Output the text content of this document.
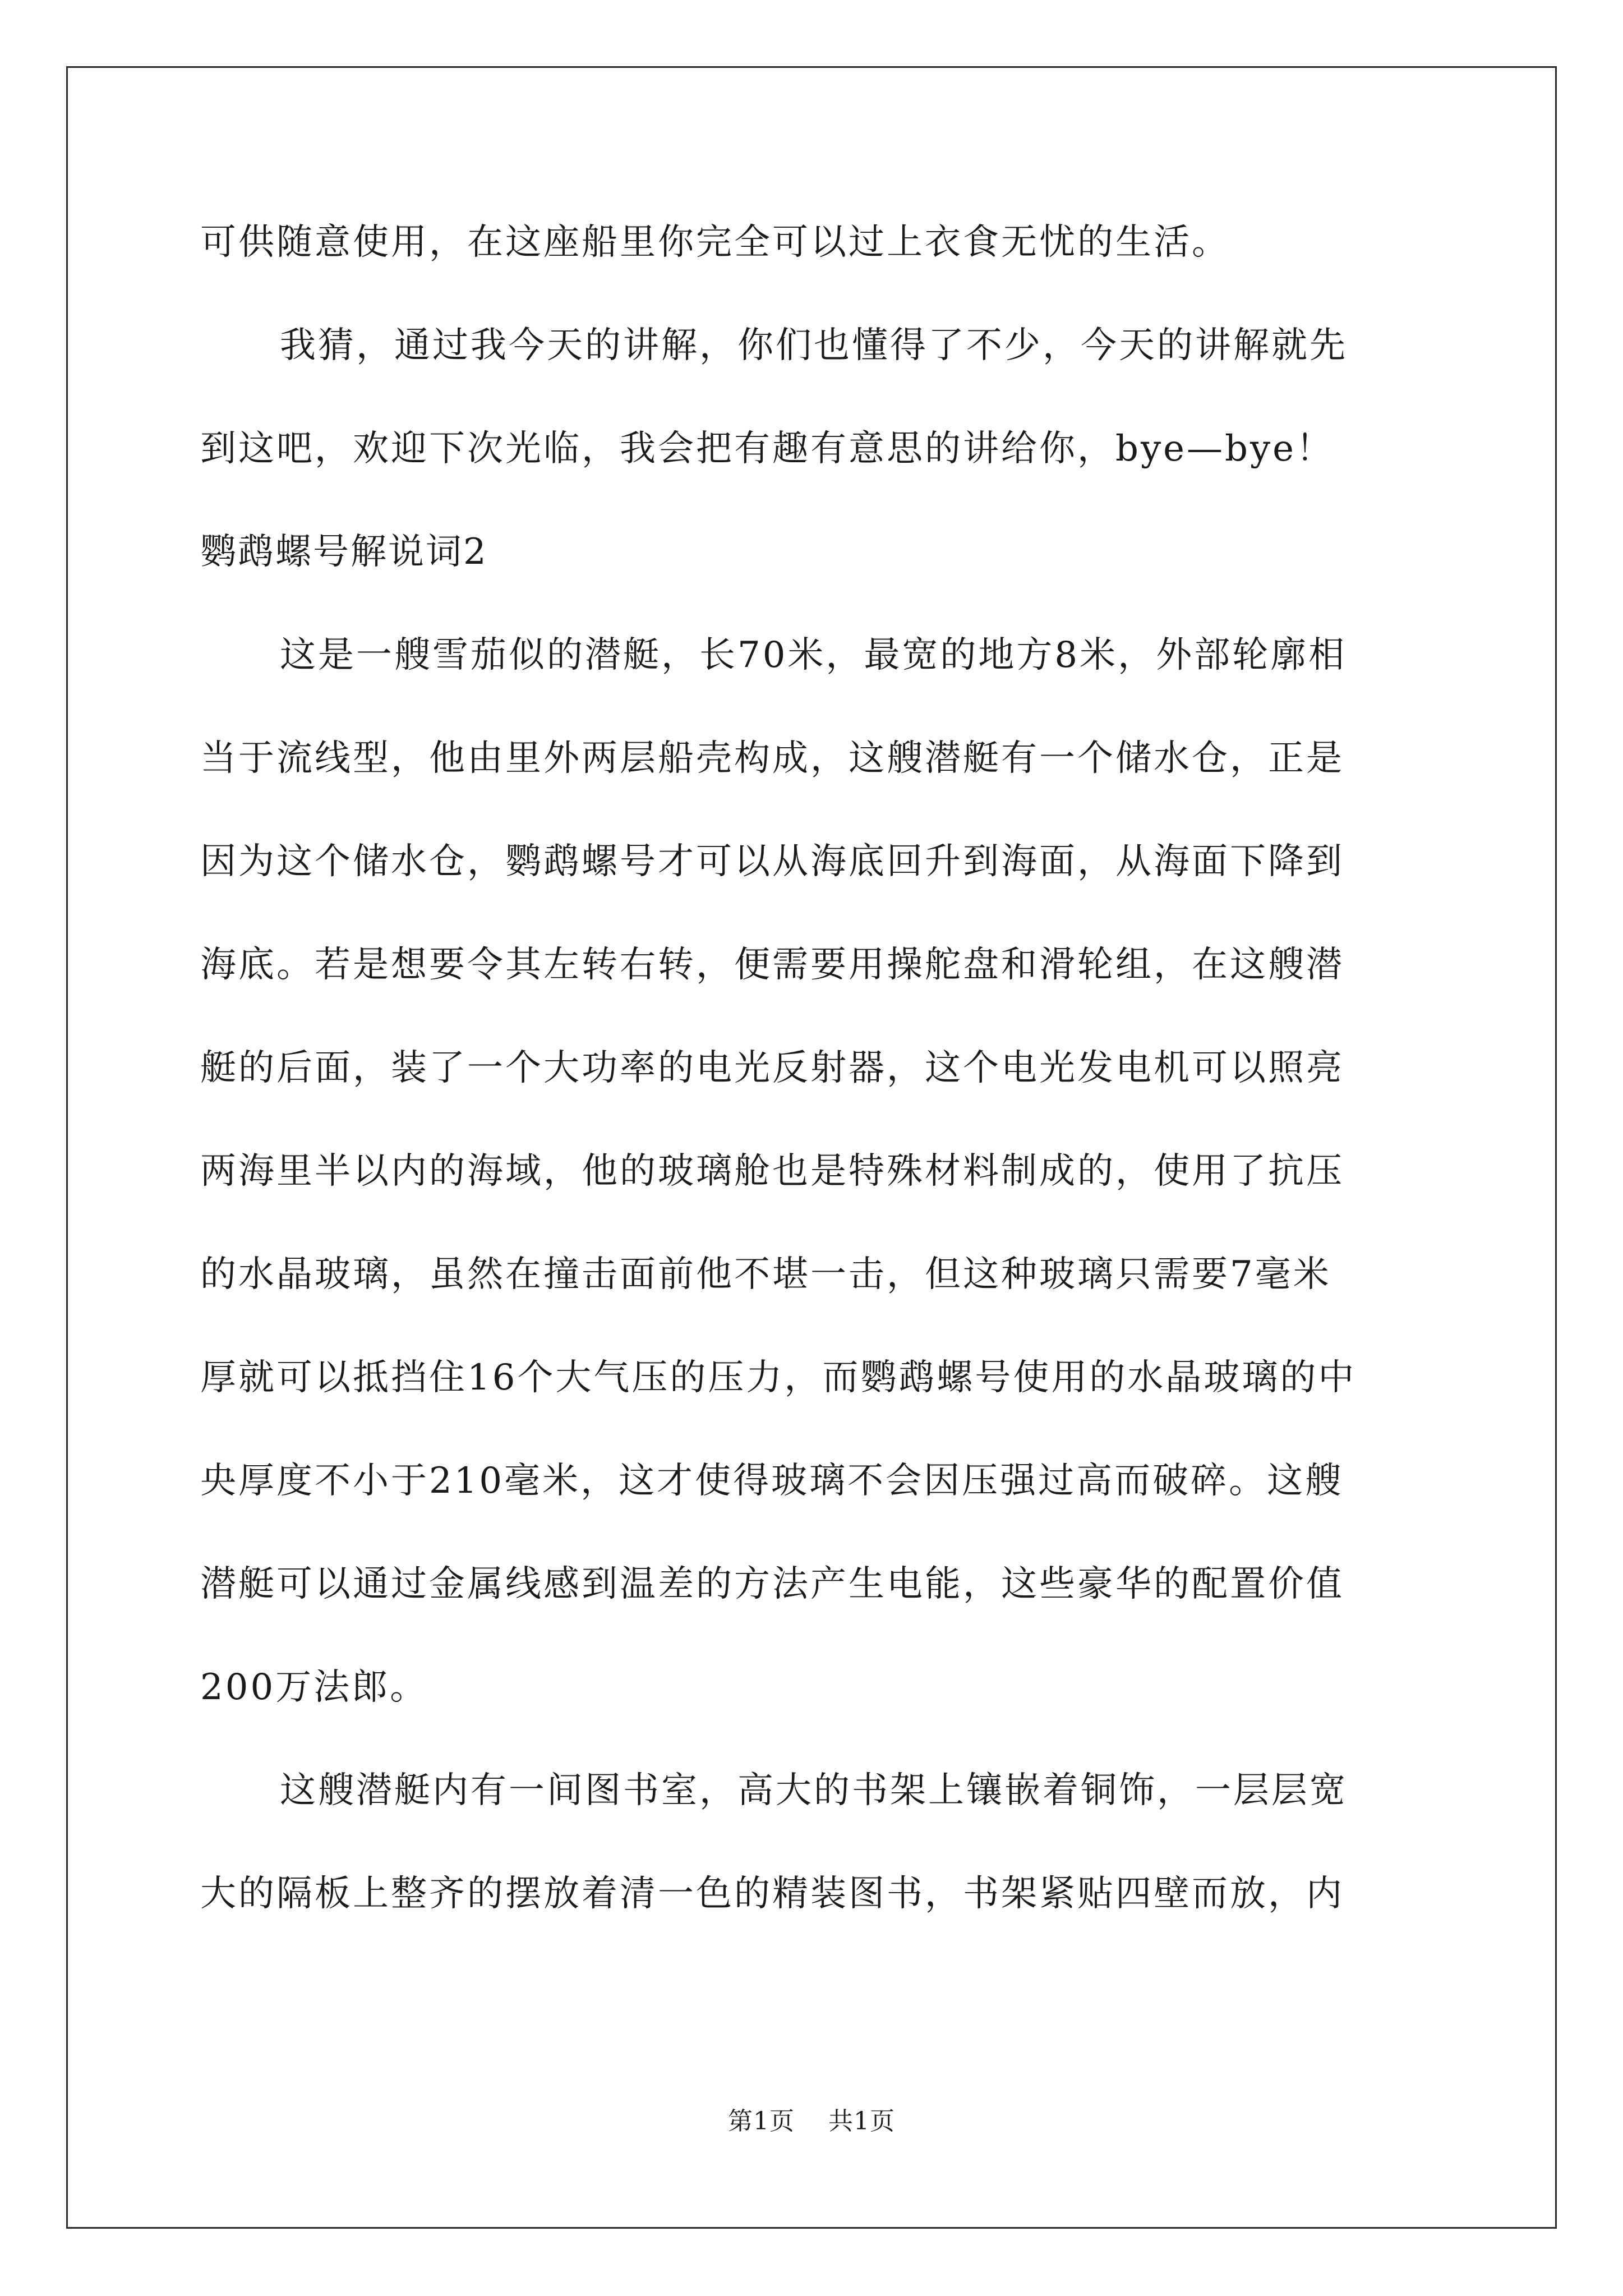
可供随意使用，在这座船里你完全可以过上衣食无忧的生活。
我猜，通过我今天的讲解，你们也懂得了不少，今天的讲解就先
到这吧，欢迎下次光临，我会把有趣有意思的讲给你，bye—bye！
鹦鹉螺号解说词2
这是一艘雪茄似的潜艇，长70米，最宽的地方8米，外部轮廓相
当于流线型，他由里外两层船壳构成，这艘潜艇有一个储水仓，正是
因为这个储水仓，鹦鹉螺号才可以从海底回升到海面，从海面下降到
海底。若是想要令其左转右转，便需要用操舵盘和滑轮组，在这艘潜
艇的后面，装了一个大功率的电光反射器，这个电光发电机可以照亮
两海里半以内的海域，他的玻璃舱也是特殊材料制成的，使用了抗压
的水晶玻璃，虽然在撞击面前他不堪一击，但这种玻璃只需要7毫米
厚就可以抵挡住16个大气压的压力，而鹦鹉螺号使用的水晶玻璃的中
央厚度不小于210毫米，这才使得玻璃不会因压强过高而破碎。这艘
潜艇可以通过金属线感到温差的方法产生电能，这些豪华的配置价值
200万法郎。
这艘潜艇内有一间图书室，高大的书架上镶嵌着铜饰，一层层宽
大的隔板上整齐的摆放着清一色的精装图书，书架紧贴四壁而放，内
第1页 共1页
